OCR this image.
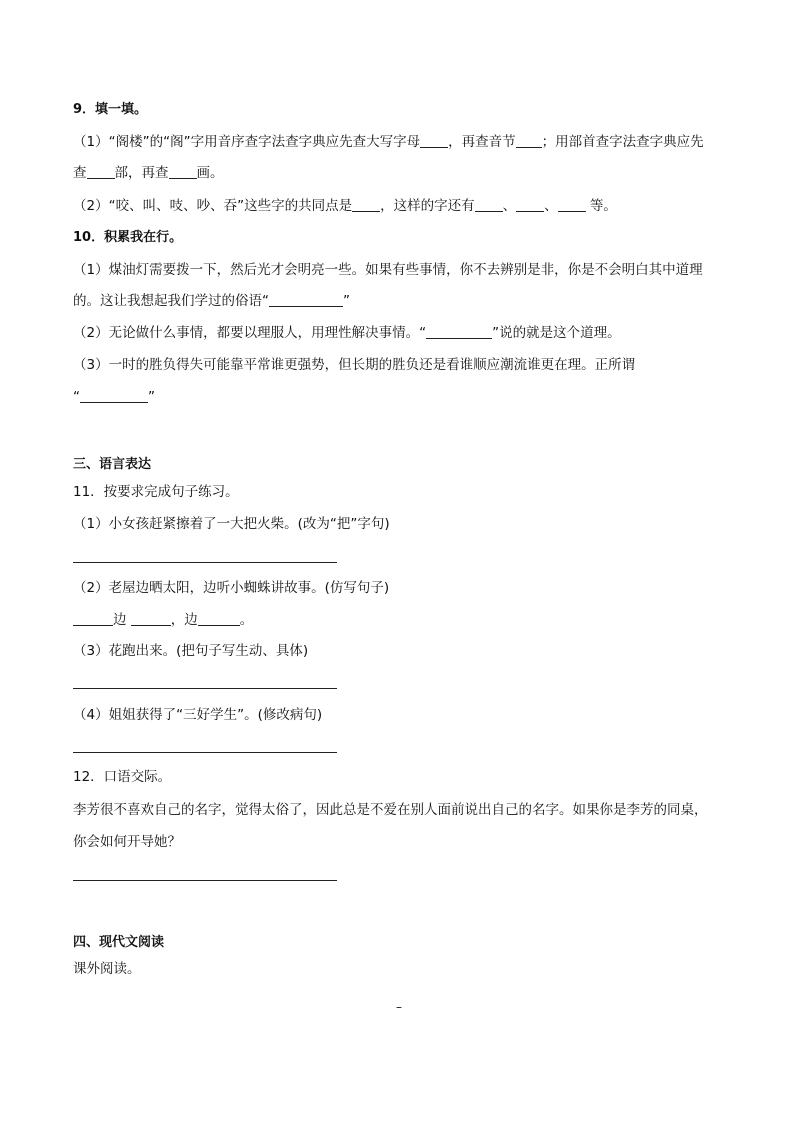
9．填一填。
（1）“阁楼”的“阁”字用音序查字法查字典应先查大写字母 ，再查音节 ；用部首查字法查字典应先
查 部，再查 画。
（2）“咬、叫、吱、吵、吞”这些字的共同点是 ，这样的字还有 、 、 等。
10．积累我在行。
（1）煤油灯需要拨一下，然后光才会明亮一些。如果有些事情，你不去辨别是非，你是不会明白其中道理
的。这让我想起我们学过的俗语“	”
（2）无论做什么事情，都要以理服人，用理性解决事情。“	”说的就是这个道理。
（3）一时的胜负得失可能靠平常谁更强势，但长期的胜负还是看谁顺应潮流谁更在理。正所谓
“	”
三、语言表达
11．按要求完成句子练习。
（1）小女孩赶紧擦着了一大把火柴。(改为“把”字句)
（2）老屋边晒太阳，边听小蜘蛛讲故事。(仿写句子)
边	，边	。
（3）花跑出来。(把句子写生动、具体)
（4）姐姐获得了“三好学生”。(修改病句)
12．口语交际。
李芳很不喜欢自己的名字，觉得太俗了，因此总是不爱在别人面前说出自己的名字。如果你是李芳的同桌，
你会如何开导她？
四、现代文阅读
课外阅读。
–
